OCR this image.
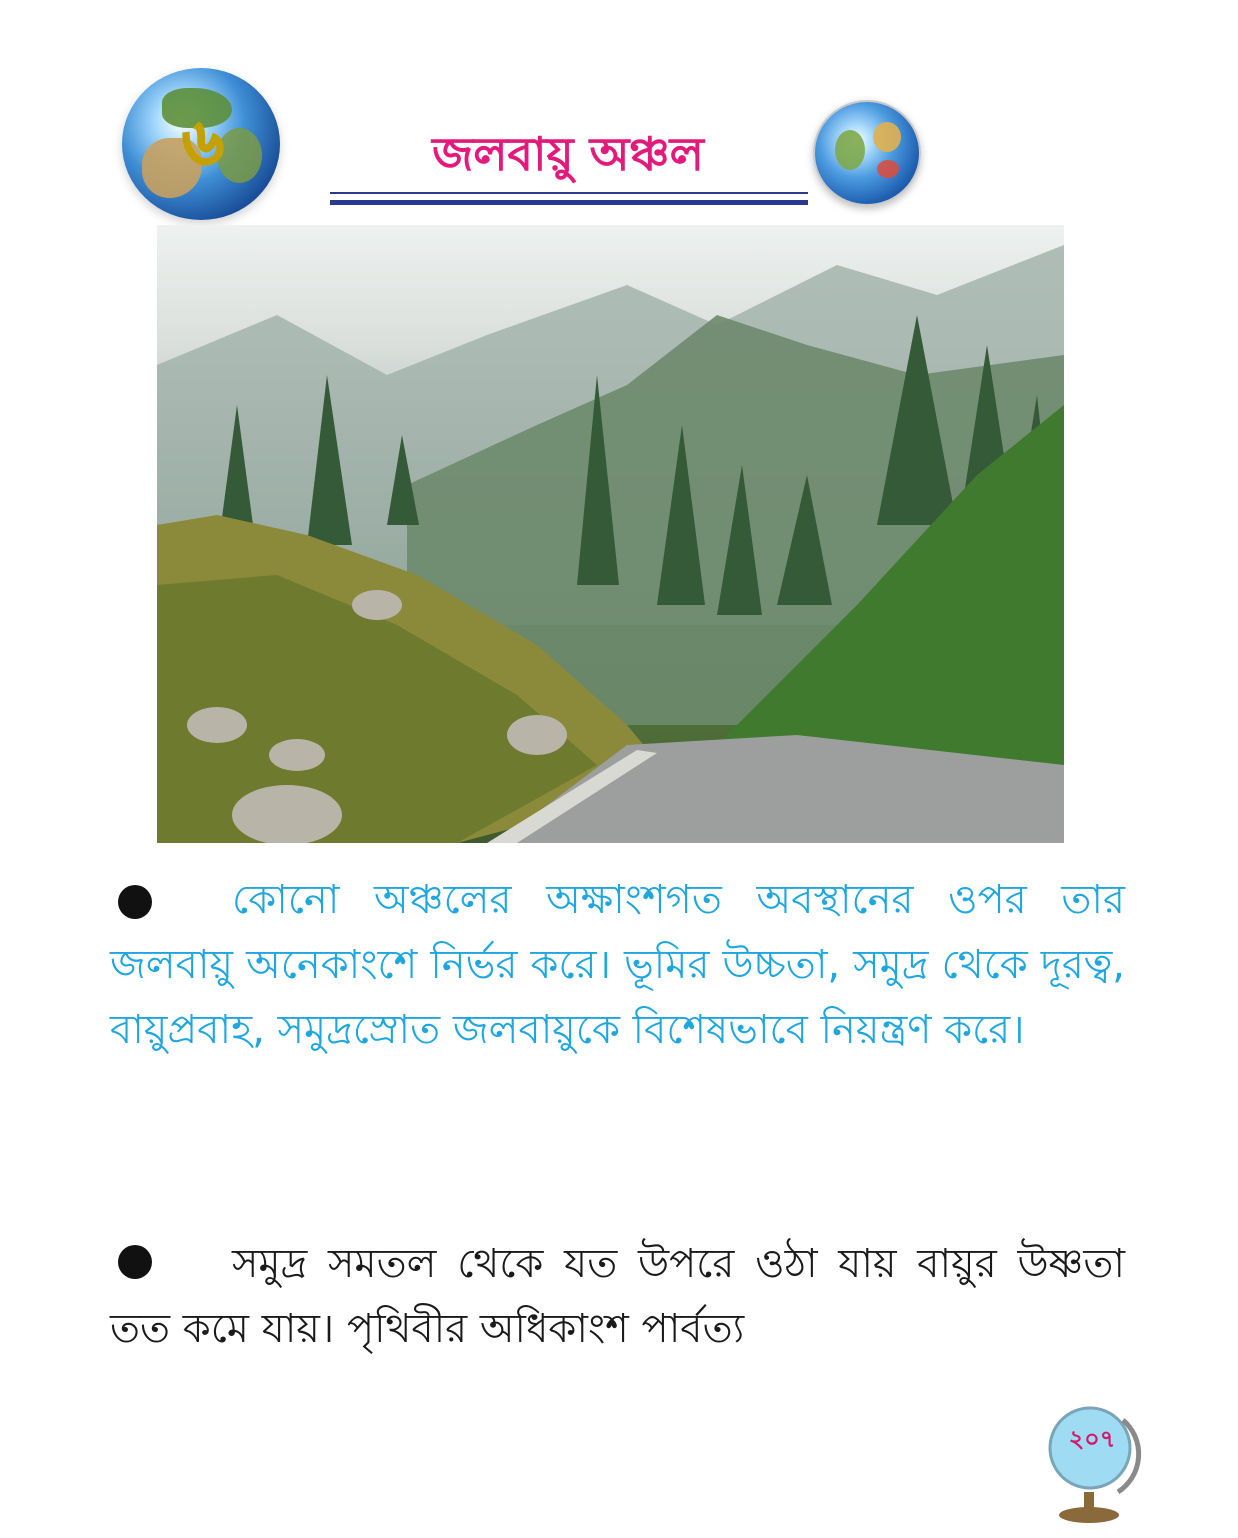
৬	জলবায়ু অঞ্চল

কোনো অঞ্চলের অক্ষাংশগত অবস্থানের ওপর তার জলবায়ু অনেকাংশে নির্ভর করে। ভূমির উচ্চতা, সমুদ্র থেকে দূরত্ব, বায়ুপ্রবাহ, সমুদ্রস্রোত জলবায়ুকে বিশেষভাবে নিয়ন্ত্রণ করে।

সমুদ্র সমতল থেকে যত উপরে ওঠা যায় বায়ুর উষ্ণতা তত কমে যায়। পৃথিবীর অধিকাংশ পার্বত্য

২০৭
